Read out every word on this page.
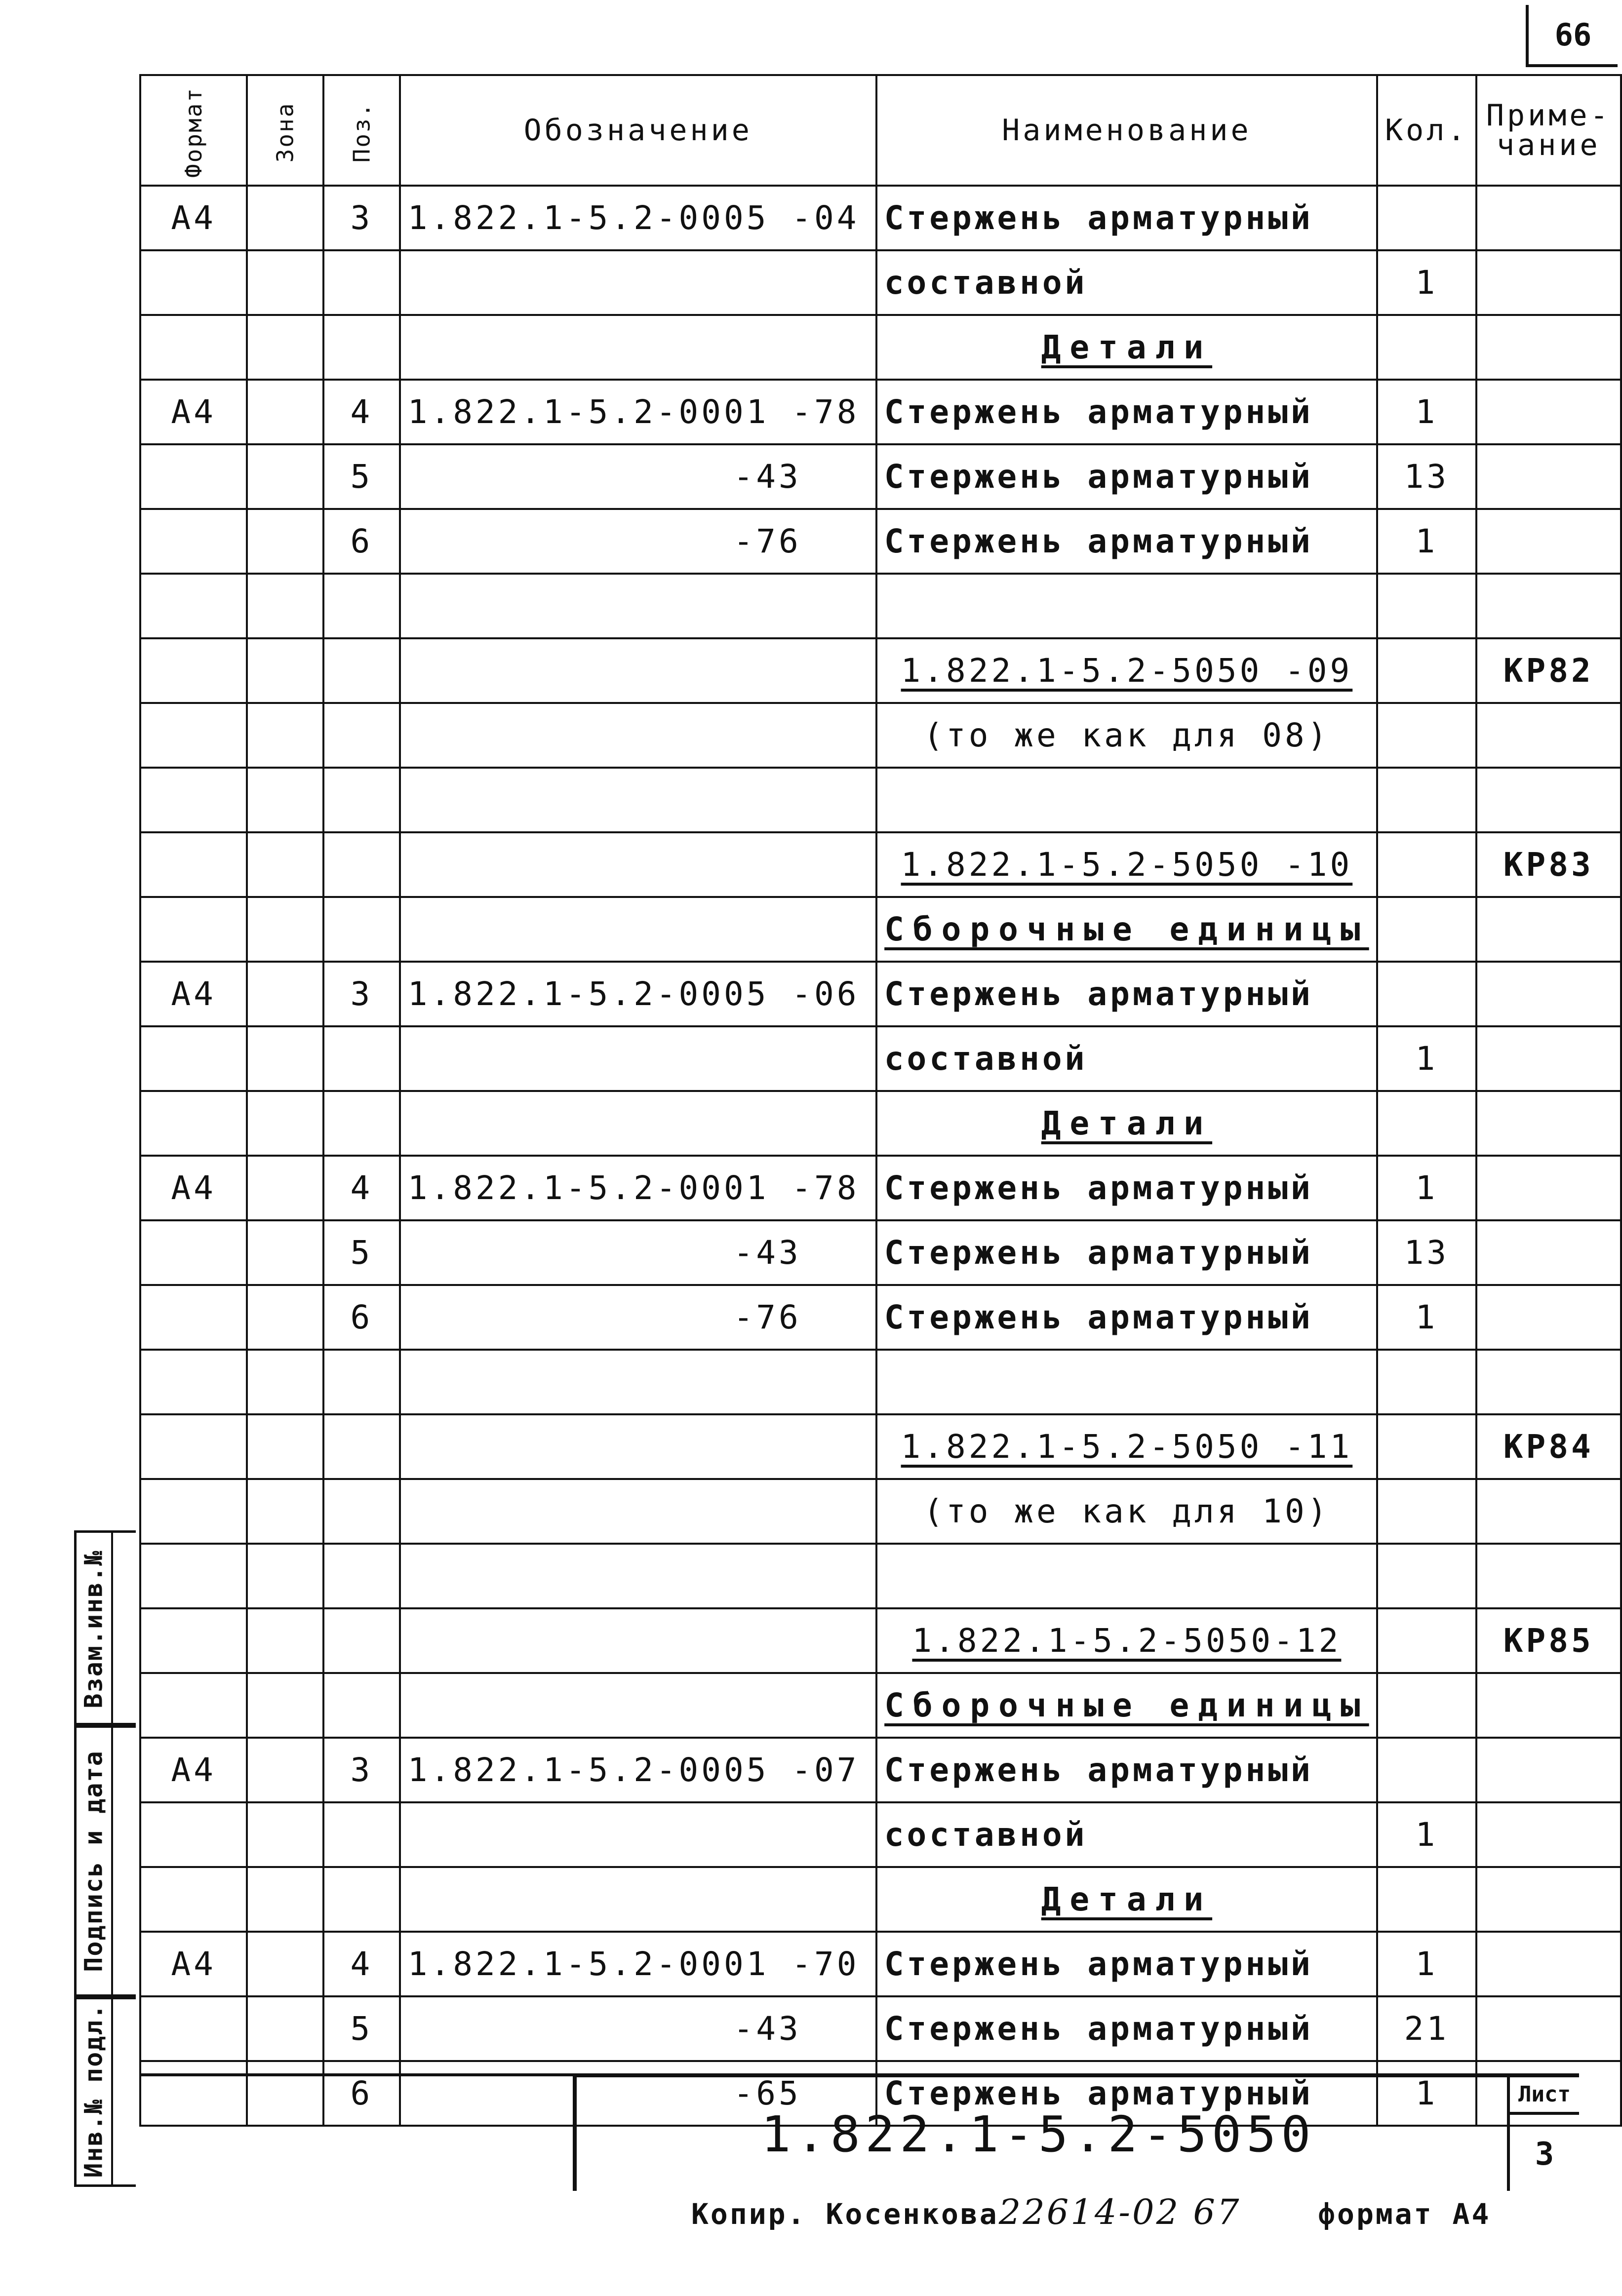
66
Формат	Зона	Поз.	Обозначение	Наименование	Кол.	Приме-
чание
А4		3	1.822.1-5.2-0005 -04	Стержень арматурный		
				составной	1	
				Детали		
А4		4	1.822.1-5.2-0001 -78	Стержень арматурный	1	
		5	-43	Стержень арматурный	13	
		6	-76	Стержень арматурный	1	

				1.822.1-5.2-5050 -09		КР82
				(то же как для 08)		

				1.822.1-5.2-5050 -10		КР83
				Сборочные единицы		
А4		3	1.822.1-5.2-0005 -06	Стержень арматурный		
				составной	1	
				Детали		
А4		4	1.822.1-5.2-0001 -78	Стержень арматурный	1	
		5	-43	Стержень арматурный	13	
		6	-76	Стержень арматурный	1	

				1.822.1-5.2-5050 -11		КР84
				(то же как для 10)		

				1.822.1-5.2-5050-12		КР85
				Сборочные единицы		
А4		3	1.822.1-5.2-0005 -07	Стержень арматурный		
				составной	1	
				Детали		
А4		4	1.822.1-5.2-0001 -70	Стержень арматурный	1	
		5	-43	Стержень арматурный	21	
		6	-65	Стержень арматурный	1	
Взам.инв.№
Подпись и дата
Инв.№ подл.	1.822.1-5.2-5050
Лист
3
Копир. Косенкова22614-02 67	формат А4
